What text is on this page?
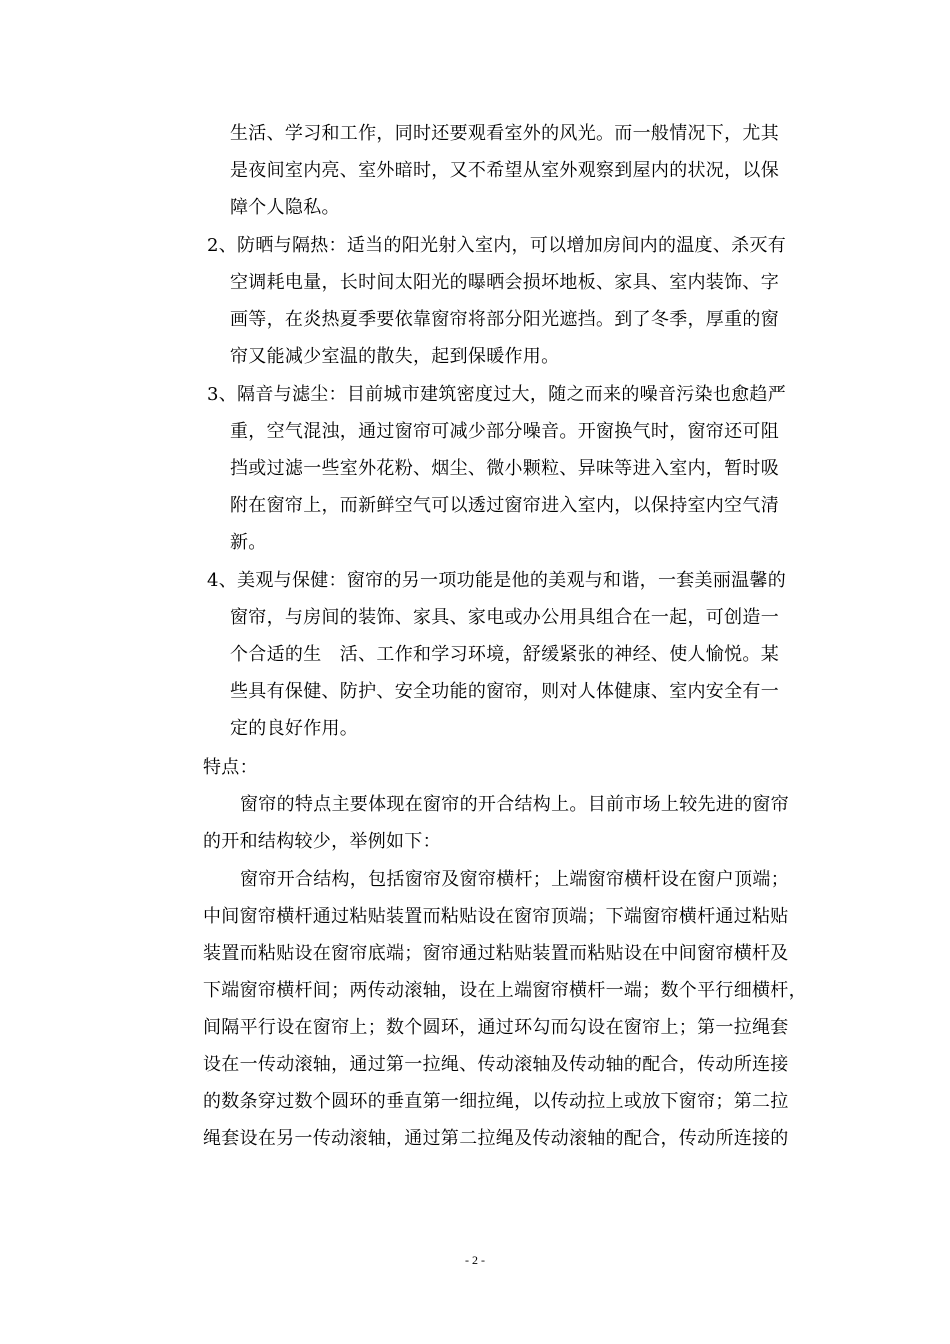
生活、学习和工作，同时还要观看室外的风光。而一般情况下，尤其
是夜间室内亮、室外暗时，又不希望从室外观察到屋内的状况，以保
障个人隐私。
2、防晒与隔热：适当的阳光射入室内，可以增加房间内的温度、杀灭有
空调耗电量，长时间太阳光的曝晒会损坏地板、家具、室内装饰、字
画等，在炎热夏季要依靠窗帘将部分阳光遮挡。到了冬季，厚重的窗
帘又能减少室温的散失，起到保暖作用。
3、隔音与滤尘：目前城市建筑密度过大，随之而来的噪音污染也愈趋严
重，空气混浊，通过窗帘可减少部分噪音。开窗换气时，窗帘还可阻
挡或过滤一些室外花粉、烟尘、微小颗粒、异味等进入室内，暂时吸
附在窗帘上，而新鲜空气可以透过窗帘进入室内，以保持室内空气清
新。
4、美观与保健：窗帘的另一项功能是他的美观与和谐，一套美丽温馨的
窗帘，与房间的装饰、家具、家电或办公用具组合在一起，可创造一
个合适的生　活、工作和学习环境，舒缓紧张的神经、使人愉悦。某
些具有保健、防护、安全功能的窗帘，则对人体健康、室内安全有一
定的良好作用。
特点：
窗帘的特点主要体现在窗帘的开合结构上。目前市场上较先进的窗帘
的开和结构较少，举例如下：
窗帘开合结构，包括窗帘及窗帘横杆；上端窗帘横杆设在窗户顶端；
中间窗帘横杆通过粘贴装置而粘贴设在窗帘顶端；下端窗帘横杆通过粘贴
装置而粘贴设在窗帘底端；窗帘通过粘贴装置而粘贴设在中间窗帘横杆及
下端窗帘横杆间；两传动滚轴，设在上端窗帘横杆一端；数个平行细横杆，
间隔平行设在窗帘上；数个圆环，通过环勾而勾设在窗帘上；第一拉绳套
设在一传动滚轴，通过第一拉绳、传动滚轴及传动轴的配合，传动所连接
的数条穿过数个圆环的垂直第一细拉绳，以传动拉上或放下窗帘；第二拉
绳套设在另一传动滚轴，通过第二拉绳及传动滚轴的配合，传动所连接的
- 2 -
